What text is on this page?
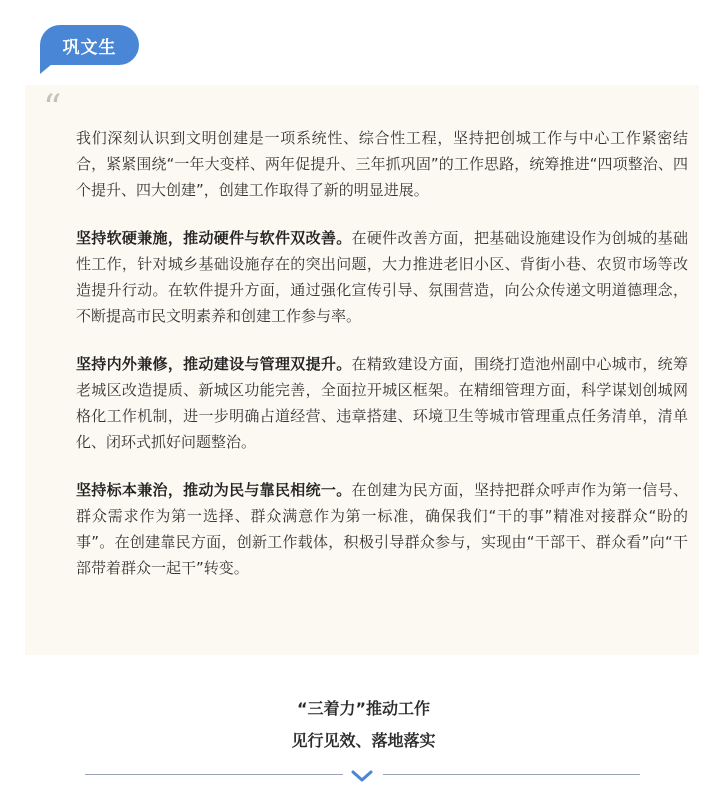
巩文生
“

我们深刻认识到文明创建是一项系统性、综合性工程，坚持把创城工作与中心工作紧密结合，紧紧围绕“一年大变样、两年促提升、三年抓巩固”的工作思路，统筹推进“四项整治、四个提升、四大创建”，创建工作取得了新的明显进展。

坚持软硬兼施，推动硬件与软件双改善。在硬件改善方面，把基础设施建设作为创城的基础性工作，针对城乡基础设施存在的突出问题，大力推进老旧小区、背街小巷、农贸市场等改造提升行动。在软件提升方面，通过强化宣传引导、氛围营造，向公众传递文明道德理念，不断提高市民文明素养和创建工作参与率。

坚持内外兼修，推动建设与管理双提升。在精致建设方面，围绕打造池州副中心城市，统筹老城区改造提质、新城区功能完善，全面拉开城区框架。在精细管理方面，科学谋划创城网格化工作机制，进一步明确占道经营、违章搭建、环境卫生等城市管理重点任务清单，清单化、闭环式抓好问题整治。

坚持标本兼治，推动为民与靠民相统一。在创建为民方面，坚持把群众呼声作为第一信号、群众需求作为第一选择、群众满意作为第一标准，确保我们“干的事”精准对接群众“盼的事”。在创建靠民方面，创新工作载体，积极引导群众参与，实现由“干部干、群众看”向“干部带着群众一起干”转变。

“三着力”推动工作
见行见效、落地落实
